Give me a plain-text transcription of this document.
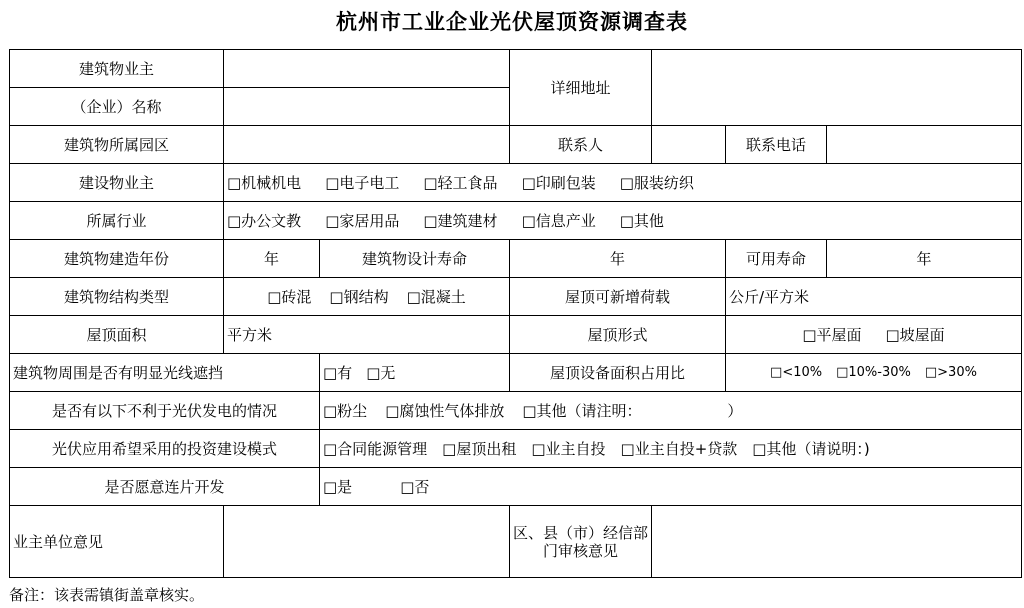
杭州市工业企业光伏屋顶资源调查表
建筑物业主			详细地址			
（企业）名称						
建筑物所属园区			联系人		联系电话	
建设物业主	□机械机电 □电子电工 □轻工食品 □印刷包装 □服装纺织					
所属行业	□办公文教 □家居用品 □建筑建材 □信息产业 □其他					
建筑物建造年份	年	建筑物设计寿命	年		可用寿命	年
建筑物结构类型	□砖混 □钢结构 □混凝土		屋顶可新增荷载		公斤/平方米	
屋顶面积	平方米		屋顶形式		□平屋面 □坡屋面	
建筑物周围是否有明显光线遮挡		□有 □无	屋顶设备面积占用比		□<10% □10%-30% □>30%	
是否有以下不利于光伏发电的情况		□粉尘 □腐蚀性气体排放 □其他（请注明：                  ）				
光伏应用希望采用的投资建设模式		□合同能源管理　□屋顶出租　□业主自投　□业主自投+贷款　□其他（请说明：)				
是否愿意连片开发		□是 □否				
业主单位意见			区、县（市）经信部门审核意见			
备注：该表需镇街盖章核实。
